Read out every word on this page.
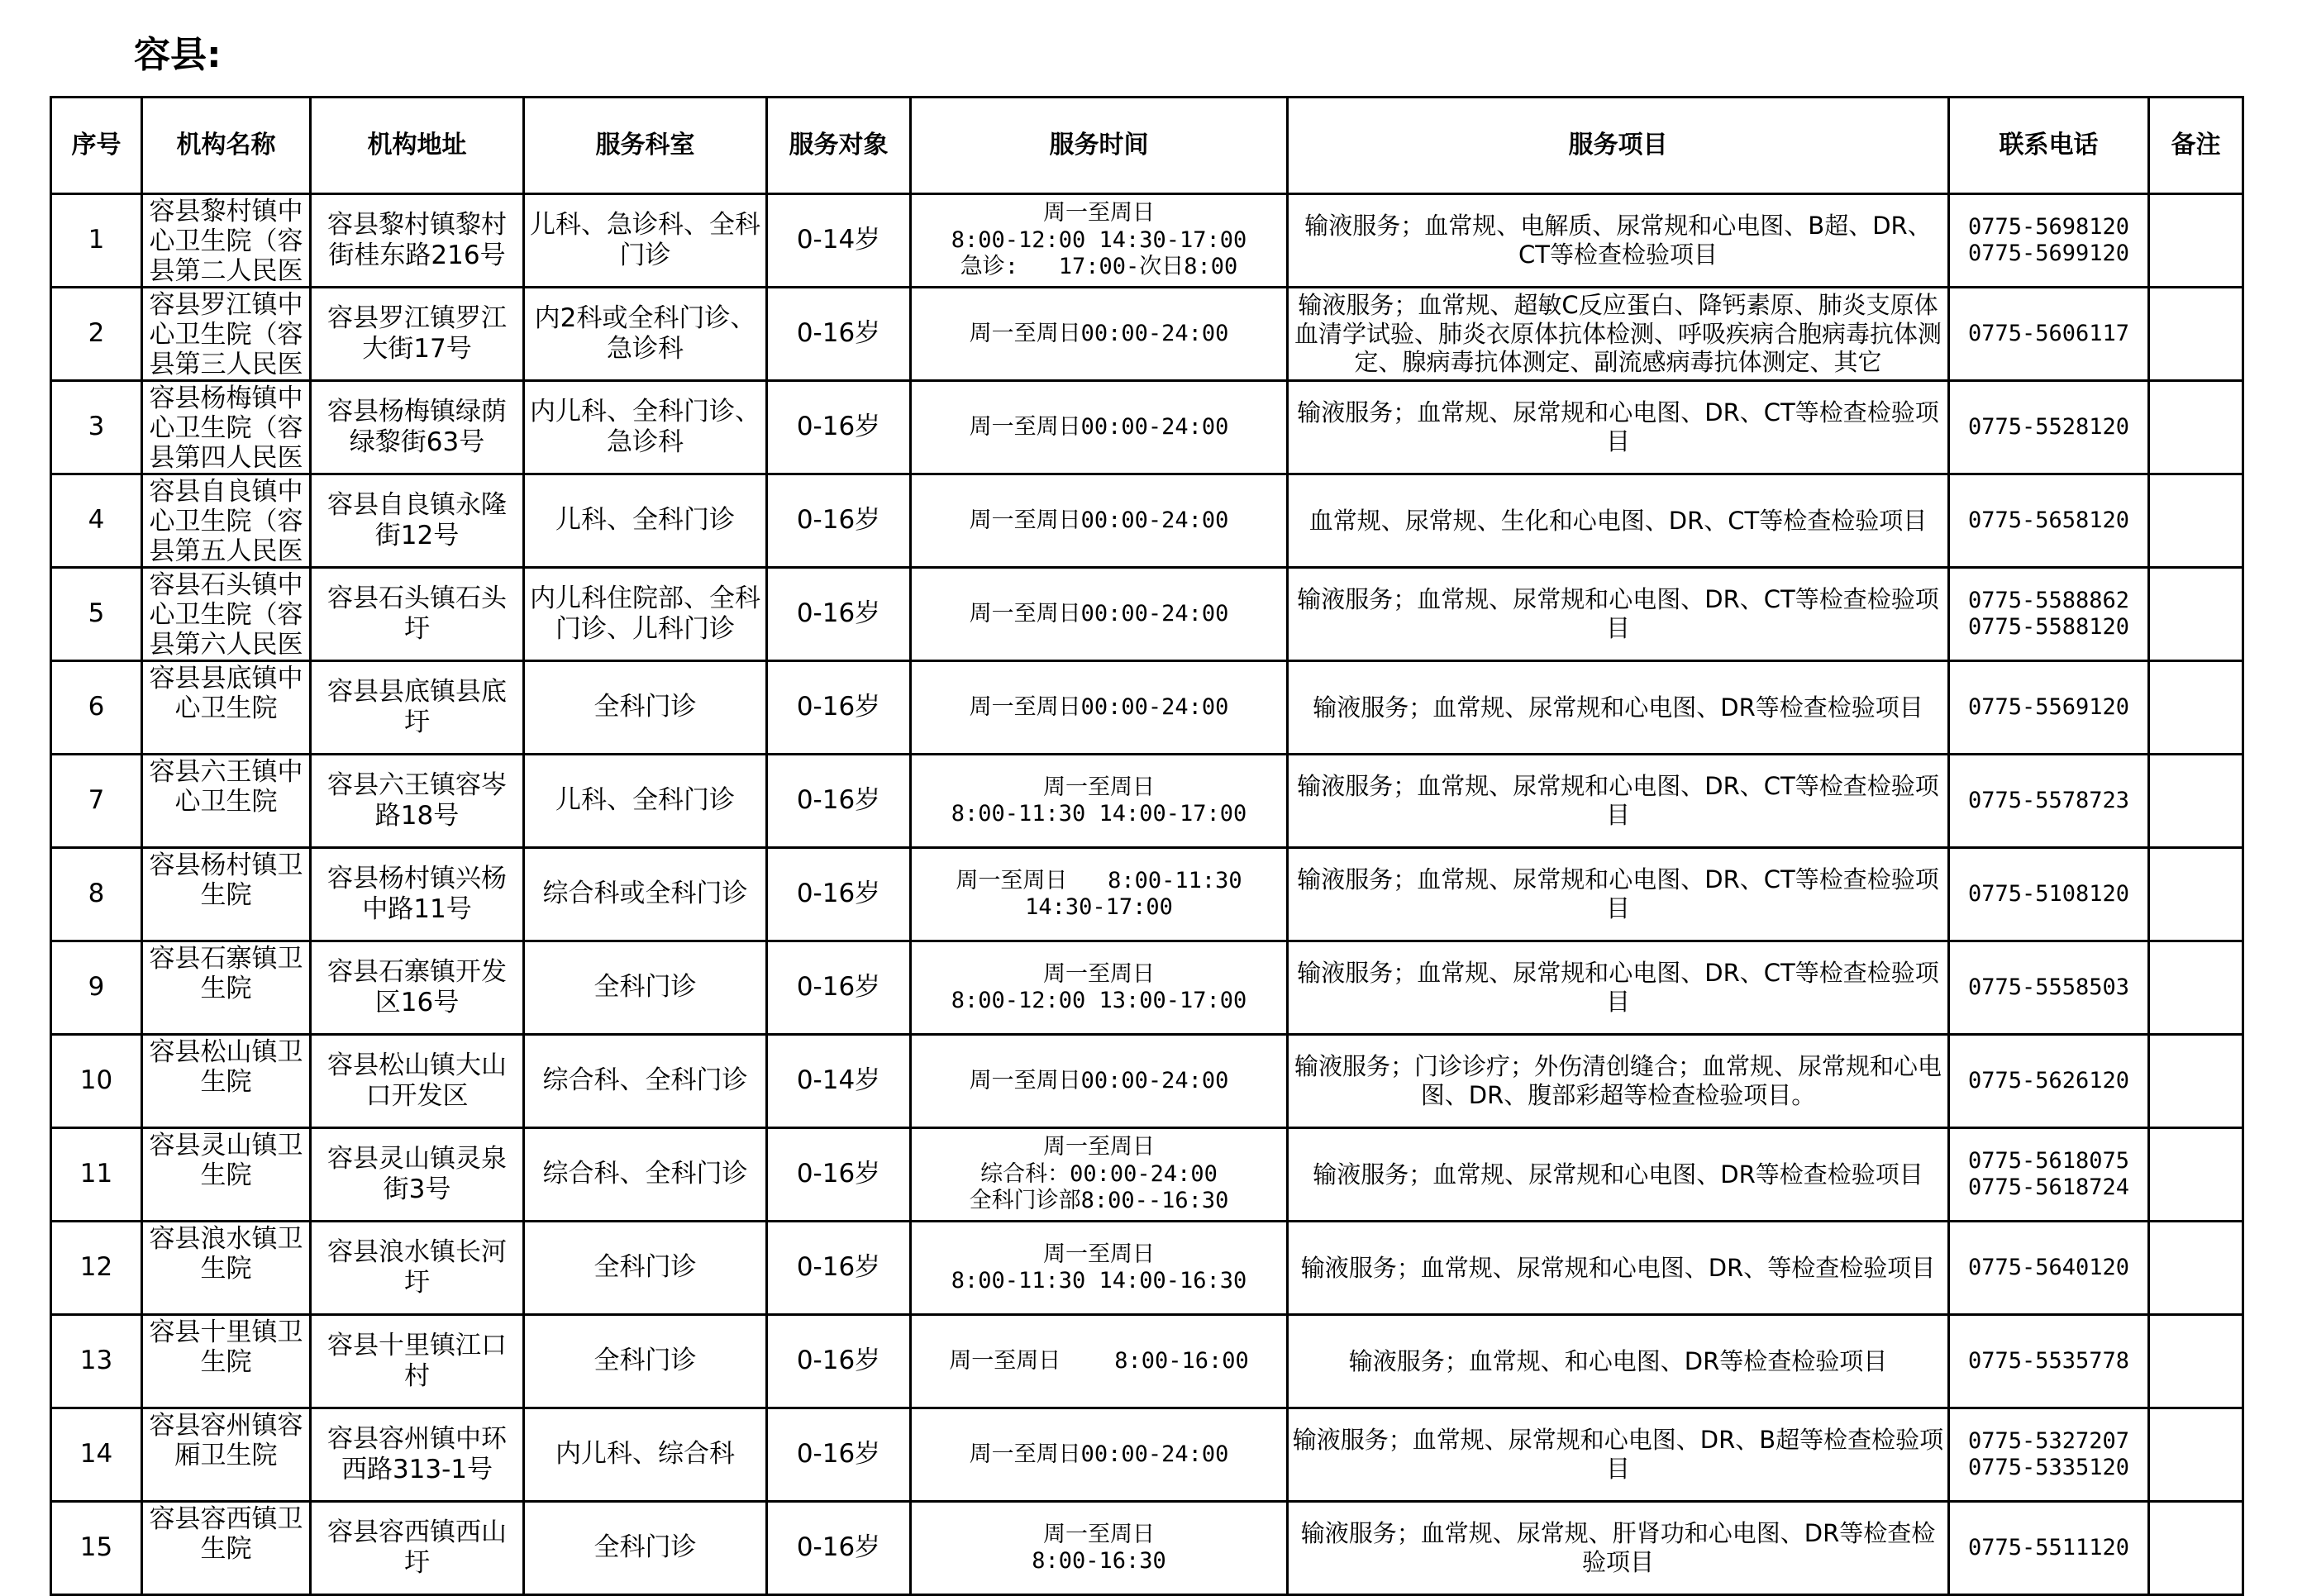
容县:
序号	机构名称	机构地址	服务科室	服务对象	服务时间	服务项目	联系电话	备注
1	容县黎村镇中心卫生院（容县第二人民医	容县黎村镇黎村街桂东路216号	儿科、急诊科、全科门诊	0-14岁	周一至周日
8:00-12:00 14:30-17:00
急诊:   17:00-次日8:00	输液服务；血常规、电解质、尿常规和心电图、B超、DR、CT等检查检验项目	0775-5698120
0775-5699120	

2	容县罗江镇中心卫生院（容县第三人民医	容县罗江镇罗江大街17号	内2科或全科门诊、急诊科	0-16岁	周一至周日00:00-24:00	输液服务；血常规、超敏C反应蛋白、降钙素原、肺炎支原体血清学试验、肺炎衣原体抗体检测、呼吸疾病合胞病毒抗体测定、腺病毒抗体测定、副流感病毒抗体测定、其它	0775-5606117	

3	容县杨梅镇中心卫生院（容县第四人民医	容县杨梅镇绿荫绿黎街63号	内儿科、全科门诊、急诊科	0-16岁	周一至周日00:00-24:00	输液服务；血常规、尿常规和心电图、DR、CT等检查检验项目	0775-5528120	

4	容县自良镇中心卫生院（容县第五人民医	容县自良镇永隆街12号	儿科、全科门诊	0-16岁	周一至周日00:00-24:00	血常规、尿常规、生化和心电图、DR、CT等检查检验项目	0775-5658120	

5	容县石头镇中心卫生院（容县第六人民医	容县石头镇石头圩	内儿科住院部、全科门诊、儿科门诊	0-16岁	周一至周日00:00-24:00	输液服务；血常规、尿常规和心电图、DR、CT等检查检验项目	0775-5588862
0775-5588120	

6	容县县底镇中心卫生院	容县县底镇县底圩	全科门诊	0-16岁	周一至周日00:00-24:00	输液服务；血常规、尿常规和心电图、DR等检查检验项目	0775-5569120	

7	容县六王镇中心卫生院	容县六王镇容岑路18号	儿科、全科门诊	0-16岁	周一至周日
8:00-11:30 14:00-17:00	输液服务；血常规、尿常规和心电图、DR、CT等检查检验项目	0775-5578723	

8	容县杨村镇卫生院	容县杨村镇兴杨中路11号	综合科或全科门诊	0-16岁	周一至周日   8:00-11:30
14:30-17:00	输液服务；血常规、尿常规和心电图、DR、CT等检查检验项目	0775-5108120	

9	容县石寨镇卫生院	容县石寨镇开发区16号	全科门诊	0-16岁	周一至周日
8:00-12:00 13:00-17:00	输液服务；血常规、尿常规和心电图、DR、CT等检查检验项目	0775-5558503	

10	容县松山镇卫生院	容县松山镇大山口开发区	综合科、全科门诊	0-14岁	周一至周日00:00-24:00	输液服务；门诊诊疗；外伤清创缝合；血常规、尿常规和心电图、DR、腹部彩超等检查检验项目。	0775-5626120	

11	容县灵山镇卫生院	容县灵山镇灵泉街3号	综合科、全科门诊	0-16岁	周一至周日
综合科：00:00-24:00
全科门诊部8:00--16:30	输液服务；血常规、尿常规和心电图、DR等检查检验项目	0775-5618075
0775-5618724	

12	容县浪水镇卫生院	容县浪水镇长河圩	全科门诊	0-16岁	周一至周日
8:00-11:30 14:00-16:30	输液服务；血常规、尿常规和心电图、DR、等检查检验项目	0775-5640120	

13	容县十里镇卫生院	容县十里镇江口村	全科门诊	0-16岁	周一至周日    8:00-16:00	输液服务；血常规、和心电图、DR等检查检验项目	0775-5535778	

14	容县容州镇容厢卫生院	容县容州镇中环西路313-1号	内儿科、综合科	0-16岁	周一至周日00:00-24:00	输液服务；血常规、尿常规和心电图、DR、B超等检查检验项目	0775-5327207
0775-5335120	

15	容县容西镇卫生院	容县容西镇西山圩	全科门诊	0-16岁	周一至周日
8:00-16:30	输液服务；血常规、尿常规、肝肾功和心电图、DR等检查检验项目	0775-5511120	
